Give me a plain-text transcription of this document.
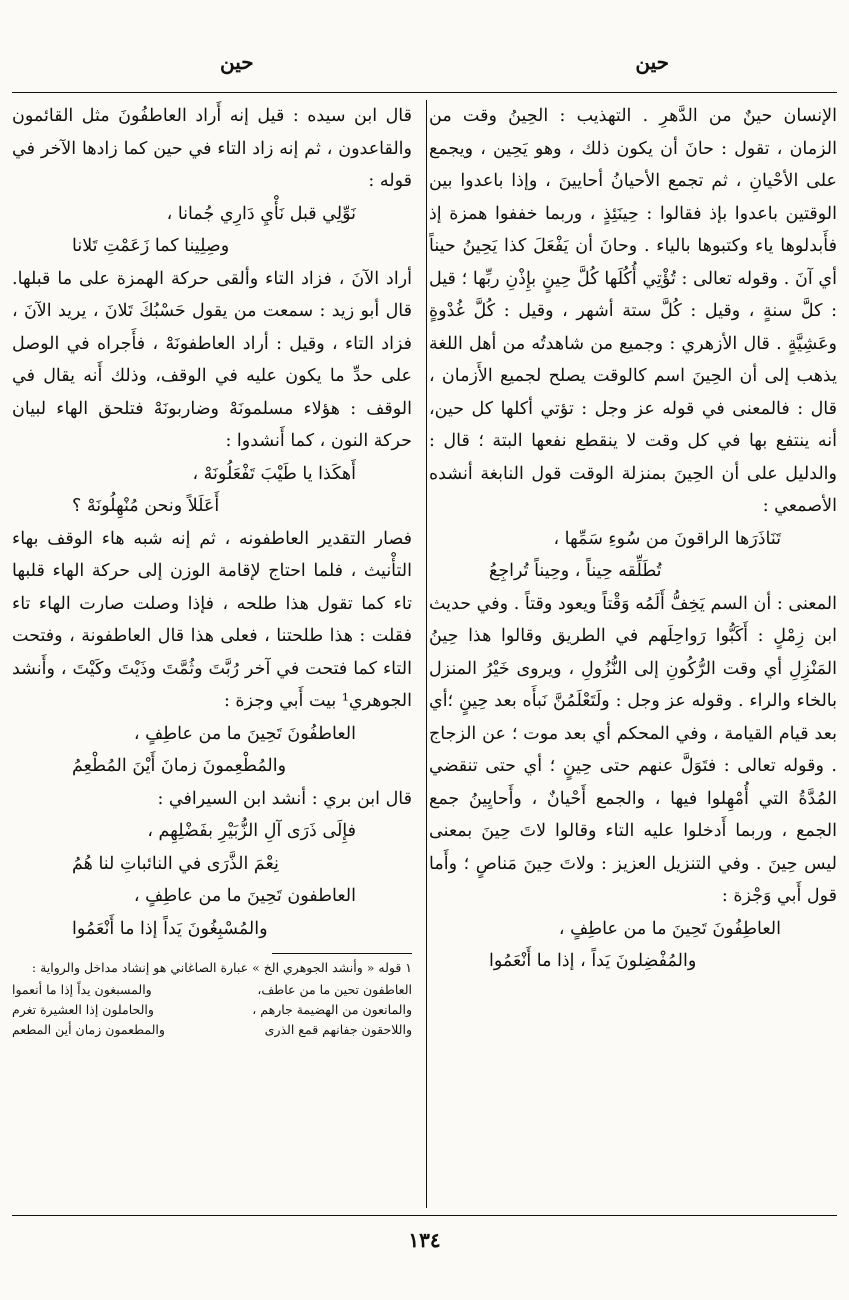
حين
حين

الإنسان حينٌ من الدَّهرِ . التهذيب : الحِينُ وقت من الزمان ، تقول : حانَ أن يكون ذلك ، وهو يَحِين ، ويجمع على الأحْيانِ ، ثم تجمع الأحيانُ أحايينَ ، وإذا باعدوا بين الوقتين باعدوا بإذ فقالوا : حِينَئِذٍ ، وربما خففوا همزة إذ فأَبدلوها ياء وكتبوها بالياء . وحانَ أن يَفْعَلَ كذا يَحِينُ حيناً أي آنَ . وقوله تعالى : تُؤْتِي أُكُلَها كُلَّ حِينٍ بإِذْنِ ربِّها ؛ قيل : كلَّ سنةٍ ، وقيل : كُلَّ ستة أشهر ، وقيل : كُلَّ غُدْوةٍ وعَشِيَّةٍ . قال الأزهري : وجميع من شاهدتُه من أهل اللغة يذهب إلى أن الحِينَ اسم كالوقت يصلح لجميع الأَزمان ، قال : فالمعنى في قوله عز وجل : تؤتي أكلها كل حين، أنه ينتفع بها في كل وقت لا ينقطع نفعها البتة ؛ قال : والدليل على أن الحِينَ بمنزلة الوقت قول النابغة أنشده الأصمعي :

تَنَاذَرَها الراقونَ من سُوءِ سَمِّها ،
تُطَلِّقه حِيناً ، وحِيناً تُراجِعُ

المعنى : أن السم يَخِفُّ أَلَمُه وَقْتاً ويعود وقتاً . وفي حديث ابن زِمْلٍ : أَكَبُّوا رَواحِلَهم في الطريق وقالوا هذا حِينُ المَنْزِلِ أي وقت الرُّكُونِ إلى النُّزُولِ ، ويروى خَيْرُ المنزل بالخاء والراء . وقوله عز وجل : ولَتَعْلَمُنَّ نَبأَه بعد حِينٍ ؛أي بعد قيام القيامة ، وفي المحكم أي بعد موت ؛ عن الزجاج . وقوله تعالى : فتَوَلَّ عنهم حتى حِينٍ ؛ أي حتى تنقضي المُدَّةُ التي أُمْهِلوا فيها ، والجمع أَحْيانٌ ، وأَحايِينُ جمع الجمع ، وربما أَدخلوا عليه التاء وقالوا لاتَ حِينَ بمعنى ليس حِينَ . وفي التنزيل العزيز : ولاتَ حِينَ مَناصٍ ؛ وأَما قول أَبي وَجْزة :

العاطِفُونَ تَحِينَ ما من عاطِفٍ ،
والمُفْضِلونَ يَداً ، إذا ما أَنْعَمُوا

قال ابن سيده : قيل إنه أَراد العاطفُونَ مثل القائمون والقاعدون ، ثم إنه زاد التاء في حين كما زادها الآخر في قوله :

نَوِّلِي قبل نَأْيِ دَارِي جُمانا ،
وصِلِينا كما زَعَمْتِ تَلانا

أراد الآنَ ، فزاد التاء وألقى حركة الهمزة على ما قبلها. قال أبو زيد : سمعت من يقول حَسْبُكَ تَلانَ ، يريد الآنَ ، فزاد التاء ، وقيل : أراد العاطفونَهْ ، فأَجراه في الوصل على حدِّ ما يكون عليه في الوقف، وذلك أَنه يقال في الوقف : هؤلاء مسلمونَهْ وضاربونَهْ فتلحق الهاء لبيان حركة النون ، كما أَنشدوا :

أَهكَذا يا طَيْبَ تَفْعَلُونَهْ ،
أَعَلَلاً ونحن مُنْهِلُونَهْ ؟

فصار التقدير العاطفونه ، ثم إنه شبه هاء الوقف بهاء التأْنيث ، فلما احتاج لإقامة الوزن إلى حركة الهاء قلبها تاء كما تقول هذا طلحه ، فإذا وصلت صارت الهاء تاء فقلت : هذا طلحتنا ، فعلى هذا قال العاطفونة ، وفتحت التاء كما فتحت في آخر رُبَّتَ وثُمَّتَ وذَيْتَ وكَيْتَ ، وأَنشد الجوهري¹ بيت أَبي وجزة :

العاطفُونَ تَحِينَ ما من عاطِفٍ ،
والمُطْعِمونَ زمانَ أَيْنَ المُطْعِمُ

قال ابن بري : أنشد ابن السيرافي :

فإِلَى ذَرَى آلِ الزُّبَيْرِ بفَضْلِهِم ،
نِعْمَ الذَّرَى في النائباتِ لنا هُمُ
العاطفون تَحِينَ ما من عاطِفٍ ،
والمُسْبِغُونَ يَداً إذا ما أَنْعَمُوا

١ قوله « وأنشد الجوهري الخ » عبارة الصاغاني هو إنشاد مداخل والرواية :

العاطفون تحين ما من عاطف،
والمسبغون يداً إذا ما أنعموا
والمانعون من الهضيمة جارهم ،
والحاملون إذا العشيرة تغرم
واللاحقون جفانهم قمع الذرى
والمطعمون زمان أين المطعم
١٣٤
